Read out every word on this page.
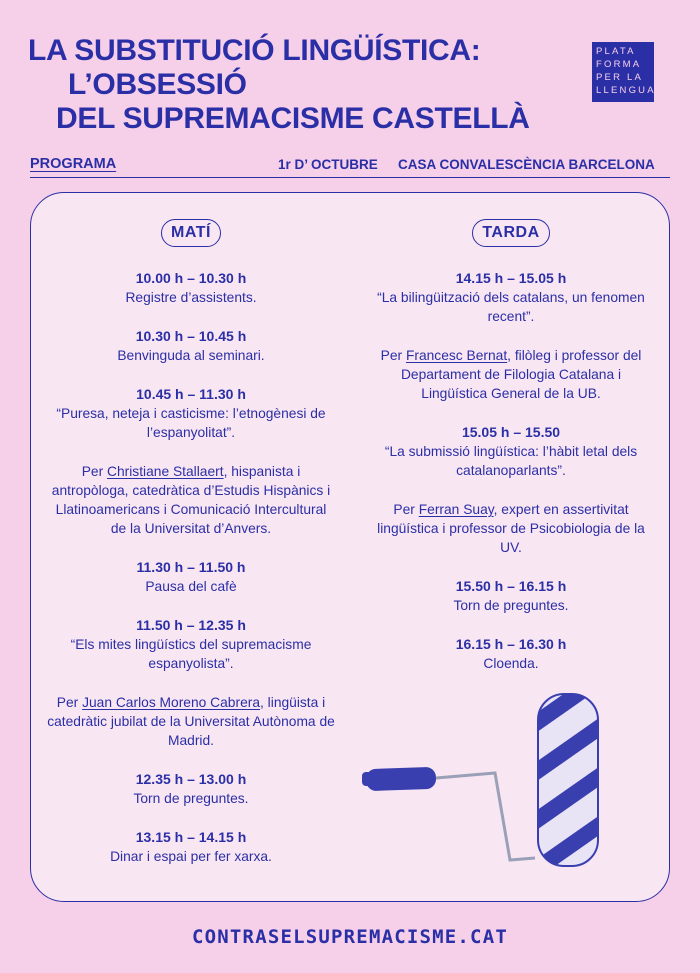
LA SUBSTITUCIÓ LINGÜÍSTICA:
L’OBSESSIÓ
DEL SUPREMACISME CASTELLÀ
PLATA
FORMA
PER LA
LLENGUA
PROGRAMA	1r D’ OCTUBRE CASA CONVALESCÈNCIA BARCELONA
MATÍ
10.00 h – 10.30 h
Registre d’assistents.
10.30 h – 10.45 h
Benvinguda al seminari.
10.45 h – 11.30 h
“Puresa, neteja i casticisme: l’etnogènesi de l’espanyolitat”.
Per Christiane Stallaert, hispanista i antropòloga, catedràtica d’Estudis Hispànics i Llatinoamericans i Comunicació Intercultural de la Universitat d’Anvers.
11.30 h – 11.50 h
Pausa del cafè
11.50 h – 12.35 h
“Els mites lingüístics del supremacisme espanyolista”.
Per Juan Carlos Moreno Cabrera, lingüista i catedràtic jubilat de la Universitat Autònoma de Madrid.
12.35 h – 13.00 h
Torn de preguntes.
13.15 h – 14.15 h
Dinar i espai per fer xarxa.
TARDA
14.15 h – 15.05 h
“La bilingüització dels catalans, un fenomen recent”.
Per Francesc Bernat, filòleg i professor del Departament de Filologia Catalana i Lingüística General de la UB.
15.05 h – 15.50
“La submissió lingüística: l’hàbit letal dels catalanoparlants”.
Per Ferran Suay, expert en assertivitat lingüística i professor de Psicobiologia de la UV.
15.50 h – 16.15 h
Torn de preguntes.
16.15 h – 16.30 h
Cloenda.
CONTRASELSUPREMACISME.CAT
